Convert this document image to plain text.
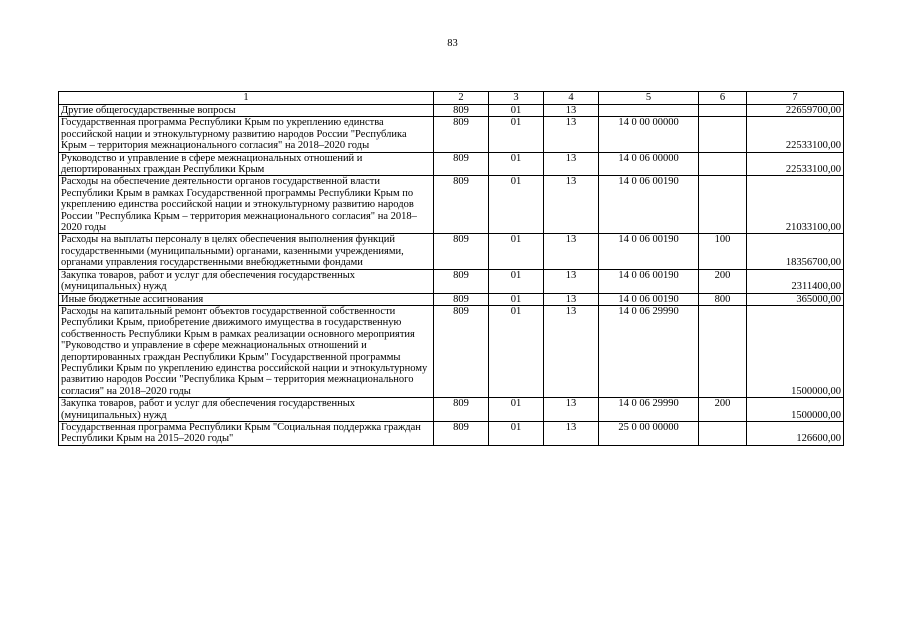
83
1	2	3	4	5	6	7
Другие общегосударственные вопросы	809	01	13			22659700,00
Государственная программа Республики Крым по укреплению единства российской нации и этнокультурному развитию народов России "Республика Крым – территория межнационального согласия" на 2018–2020 годы	809	01	13	14 0 00 00000		22533100,00
Руководство и управление в сфере межнациональных отношений и депортированных граждан Республики Крым	809	01	13	14 0 06 00000		22533100,00
Расходы на обеспечение деятельности органов государственной власти Республики Крым в рамках Государственной программы Республики Крым по укреплению единства российской нации и этнокультурному развитию народов России "Республика Крым – территория межнационального согласия" на 2018–2020 годы	809	01	13	14 0 06 00190		21033100,00
Расходы на выплаты персоналу в целях обеспечения выполнения функций государственными (муниципальными) органами, казенными учреждениями, органами управления государственными внебюджетными фондами	809	01	13	14 0 06 00190	100	18356700,00
Закупка товаров, работ и услуг для обеспечения государственных (муниципальных) нужд	809	01	13	14 0 06 00190	200	2311400,00
Иные бюджетные ассигнования	809	01	13	14 0 06 00190	800	365000,00
Расходы на капитальный ремонт объектов государственной собственности Республики Крым, приобретение движимого имущества в государственную собственность Республики Крым в рамках реализации основного мероприятия "Руководство и управление в сфере межнациональных отношений и депортированных граждан Республики Крым" Государственной программы Республики Крым по укреплению единства российской нации и этнокультурному развитию народов России "Республика Крым – территория межнационального согласия" на 2018–2020 годы	809	01	13	14 0 06 29990		1500000,00
Закупка товаров, работ и услуг для обеспечения государственных (муниципальных) нужд	809	01	13	14 0 06 29990	200	1500000,00
Государственная программа Республики Крым "Социальная поддержка граждан Республики Крым на 2015–2020 годы"	809	01	13	25 0 00 00000		126600,00
